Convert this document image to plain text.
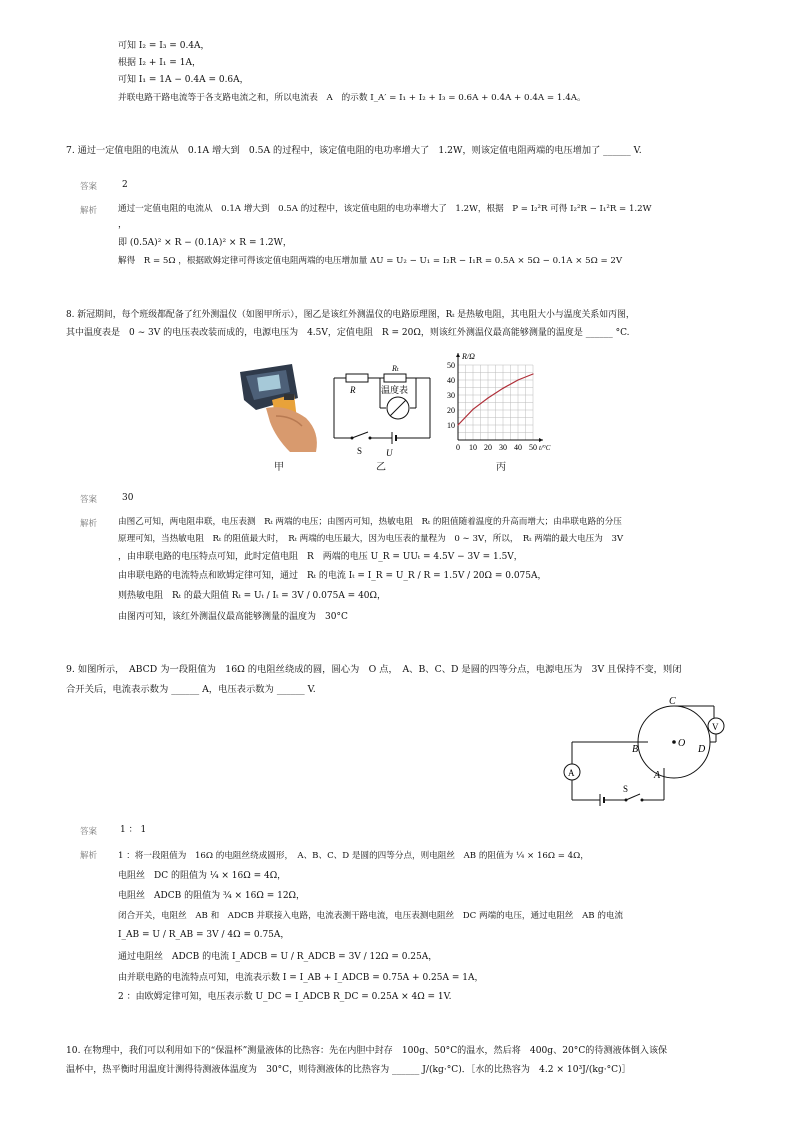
可知 I₂ = I₃ = 0.4A，
根据 I₂ + I₁ = 1A，
可知 I₁ = 1A − 0.4A = 0.6A，
并联电路干路电流等于各支路电流之和，所以电流表　A　的示数 I_A′ = I₁ + I₂ + I₃ = 0.6A + 0.4A + 0.4A = 1.4A。
7. 通过一定值电阻的电流从　0.1A 增大到　0.5A 的过程中，该定值电阻的电功率增大了　1.2W，则该定值电阻两端的电压增加了 ______ V.
答案	2
解析 通过一定值电阻的电流从　0.1A 增大到　0.5A 的过程中，该定值电阻的电功率增大了　1.2W，根据　P = I₂²R 可得 I₂²R − I₁²R = 1.2W
，
即 (0.5A)² × R − (0.1A)² × R = 1.2W，
解得　R = 5Ω ，根据欧姆定律可得该定值电阻两端的电压增加量 ΔU = U₂ − U₁ = I₂R − I₁R = 0.5A × 5Ω − 0.1A × 5Ω = 2V
8. 新冠期间，每个班级都配备了红外测温仪（如图甲所示），图乙是该红外测温仪的电路原理图，Rₜ 是热敏电阻，其电阻大小与温度关系如丙图，
其中温度表是　0 ∼ 3V 的电压表改装而成的，电源电压为　4.5V，定值电阻　R = 20Ω，则该红外测温仪最高能够测量的温度是 ______ °C.
甲
R
Rₜ
温度表
S	U
乙
0 10 20 30 40 50
10
20
30
40
50
R/Ω
t/°C
丙
答案	30
解析 由图乙可知，两电阻串联，电压表测　Rₜ 两端的电压；由图丙可知，热敏电阻　Rₜ 的阻值随着温度的升高而增大；由串联电路的分压
原理可知，当热敏电阻　Rₜ 的阻值最大时，　Rₜ 两端的电压最大，因为电压表的量程为　0 ∼ 3V，所以，　Rₜ 两端的最大电压为　3V
，由串联电路的电压特点可知，此时定值电阻　R　两端的电压 U_R = UUₜ = 4.5V − 3V = 1.5V，
由串联电路的电流特点和欧姆定律可知，通过　Rₜ 的电流 Iₜ = I_R = U_R / R = 1.5V / 20Ω = 0.075A，
则热敏电阻　Rₜ 的最大阻值 Rₜ = Uₜ / Iₜ = 3V / 0.075A = 40Ω，
由图丙可知，该红外测温仪最高能够测量的温度为　30°C
9. 如图所示，　ABCD 为一段阻值为　16Ω 的电阻丝绕成的圆，圆心为　O 点，　A、B、C、D 是圆的四等分点，电源电压为　3V 且保持不变，则闭
合开关后，电流表示数为 ______ A，电压表示数为 ______ V.
A
V
C
B
O
D
A
S
答案	1 ： 1
解析 1 ：将一段阻值为　16Ω 的电阻丝绕成圆形，　A、B、C、D 是圆的四等分点，则电阻丝　AB 的阻值为 ¼ × 16Ω = 4Ω，
电阻丝　DC 的阻值为 ¼ × 16Ω = 4Ω，
电阻丝　ADCB 的阻值为 ¾ × 16Ω = 12Ω，
闭合开关，电阻丝　AB 和　ADCB 并联接入电路，电流表测干路电流，电压表测电阻丝　DC 两端的电压，通过电阻丝　AB 的电流
I_AB = U / R_AB = 3V / 4Ω = 0.75A，
通过电阻丝　ADCB 的电流 I_ADCB = U / R_ADCB = 3V / 12Ω = 0.25A，
由并联电路的电流特点可知，电流表示数 I = I_AB + I_ADCB = 0.75A + 0.25A = 1A，
2 ：由欧姆定律可知，电压表示数 U_DC = I_ADCB R_DC = 0.25A × 4Ω = 1V.
10. 在物理中，我们可以利用如下的“保温杯”测量液体的比热容：先在内胆中封存　100g、50°C的温水，然后将　400g、20°C的待测液体倒入该保
温杯中，热平衡时用温度计测得待测液体温度为　30°C，则待测液体的比热容为 ______ J/(kg·°C)．［水的比热容为　4.2 × 10³J/(kg·°C)］
